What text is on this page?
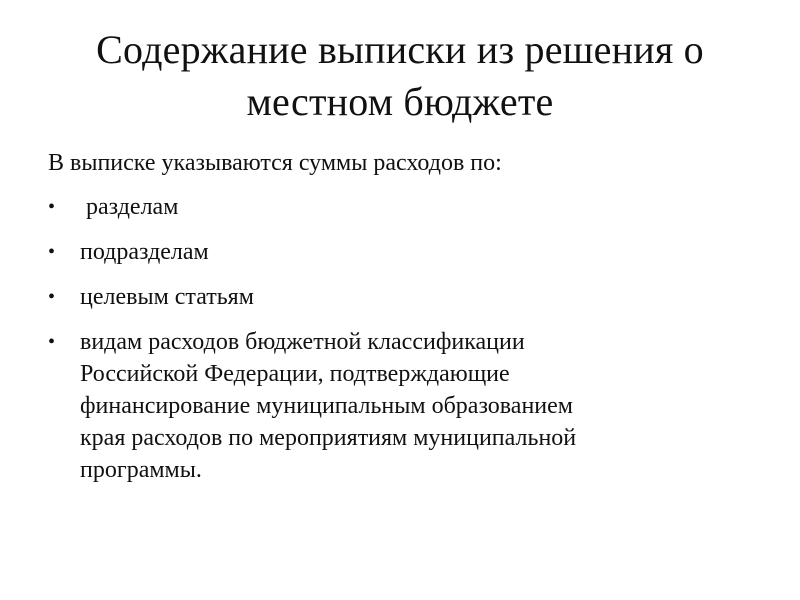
Содержание выписки из решения о
местном бюджете

В выписке указываются суммы расходов по:

•	разделам
•	подразделам
•	целевым статьям
•	видам расходов бюджетной классификации
Российской Федерации, подтверждающие
финансирование муниципальным образованием
края расходов по мероприятиям муниципальной
программы.
